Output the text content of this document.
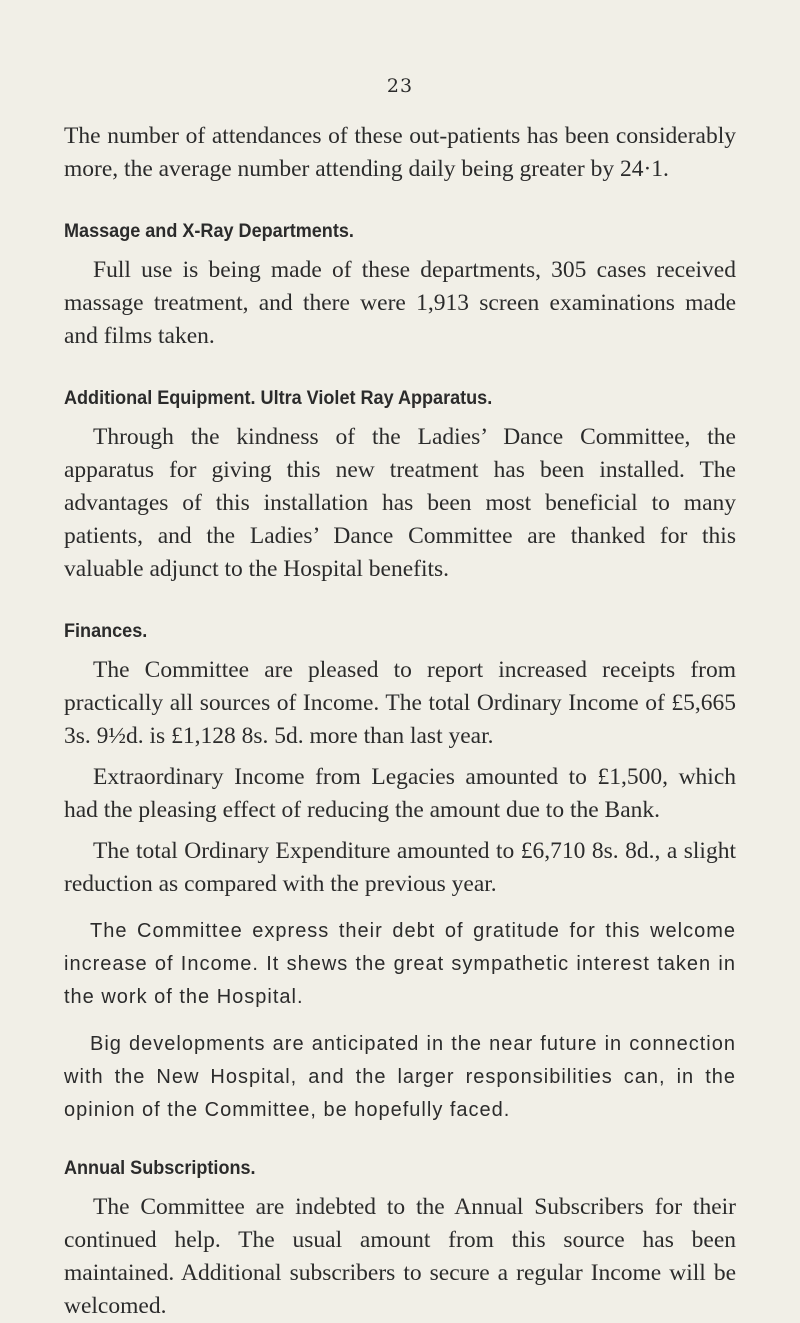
23

The number of attendances of these out-patients has been considerably more, the average number attending daily being greater by 24·1.

Massage and X-Ray Departments.

Full use is being made of these departments, 305 cases received massage treatment, and there were 1,913 screen examinations made and films taken.

Additional Equipment. Ultra Violet Ray Apparatus.

Through the kindness of the Ladies’ Dance Committee, the apparatus for giving this new treatment has been installed. The advantages of this installation has been most beneficial to many patients, and the Ladies’ Dance Committee are thanked for this valuable adjunct to the Hospital benefits.

Finances.

The Committee are pleased to report increased receipts from practically all sources of Income. The total Ordinary Income of £5,665 3s. 9½d. is £1,128 8s. 5d. more than last year.

Extraordinary Income from Legacies amounted to £1,500, which had the pleasing effect of reducing the amount due to the Bank.

The total Ordinary Expenditure amounted to £6,710 8s. 8d., a slight reduction as compared with the previous year.

The Committee express their debt of gratitude for this welcome increase of Income. It shews the great sympathetic interest taken in the work of the Hospital.

Big developments are anticipated in the near future in connection with the New Hospital, and the larger responsibilities can, in the opinion of the Committee, be hopefully faced.

Annual Subscriptions.

The Committee are indebted to the Annual Subscribers for their continued help. The usual amount from this source has been maintained. Additional subscribers to secure a regular Income will be welcomed.
